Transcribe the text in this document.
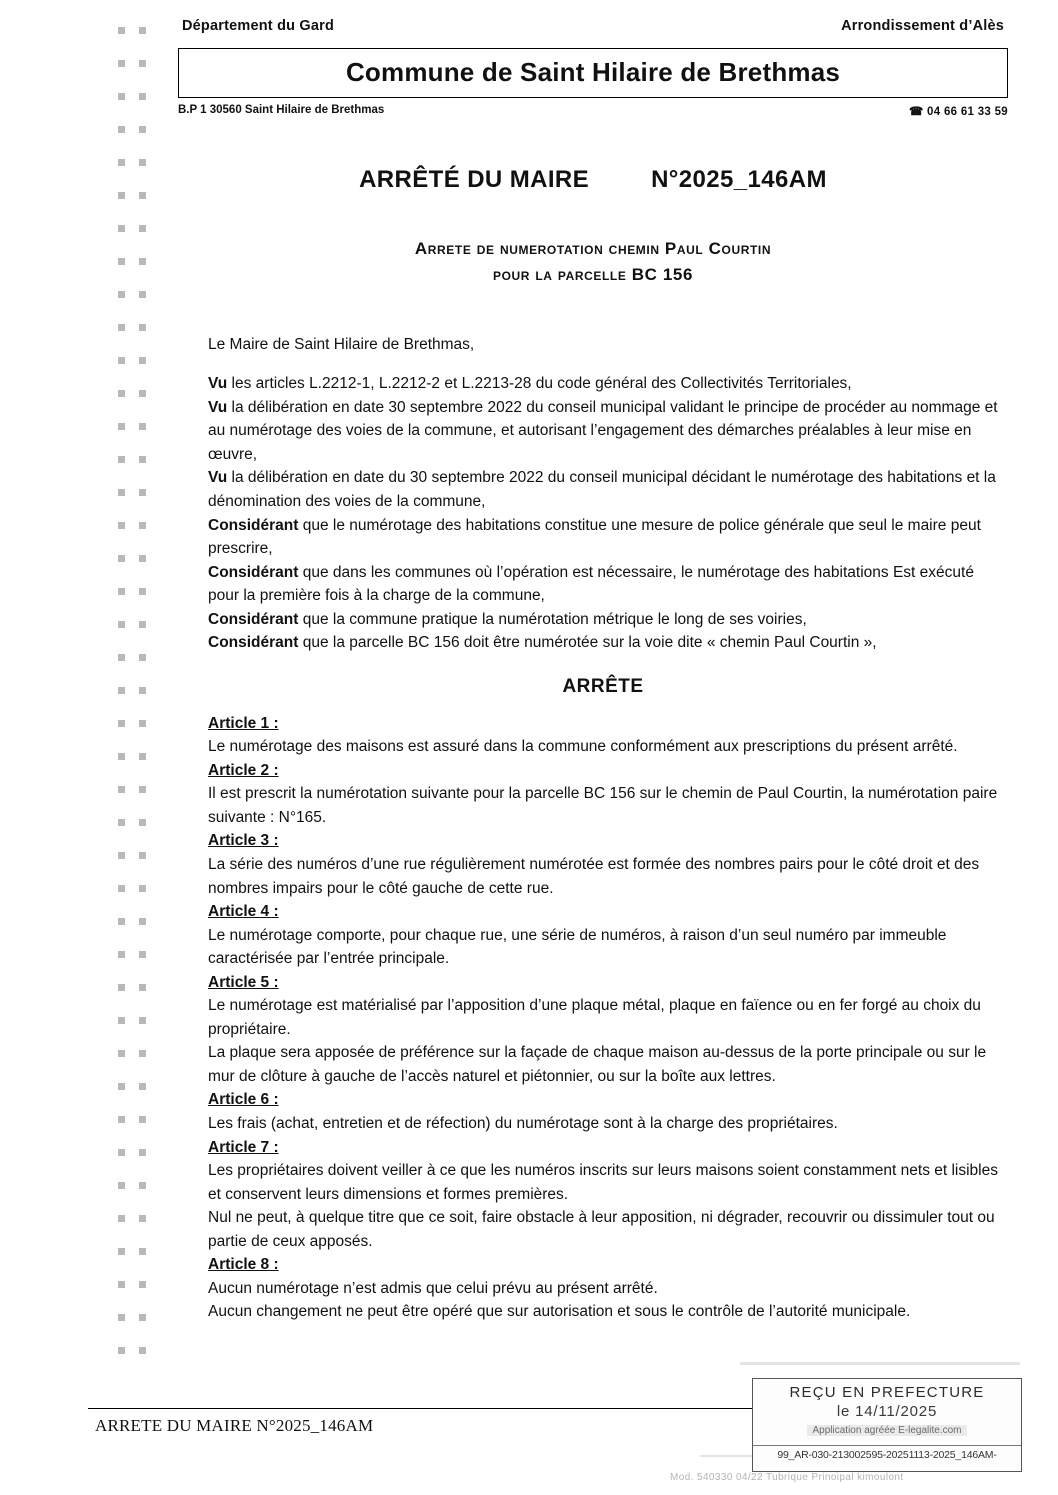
Département du Gard	Arrondissement d’Alès
Commune de Saint Hilaire de Brethmas
B.P 1 30560 Saint Hilaire de Brethmas	☎ 04 66 61 33 59
ARRÊTÉ DU MAIRE	N°2025_146AM
Arrete de numerotation chemin Paul Courtin
pour la parcelle BC 156

Le Maire de Saint Hilaire de Brethmas,

Vu les articles L.2212-1, L.2212-2 et L.2213-28 du code général des Collectivités Territoriales,

Vu la délibération en date 30 septembre 2022 du conseil municipal validant le principe de procéder au nommage et au numérotage des voies de la commune, et autorisant l’engagement des démarches préalables à leur mise en œuvre,

Vu la délibération en date du 30 septembre 2022 du conseil municipal décidant le numérotage des habitations et la dénomination des voies de la commune,

Considérant que le numérotage des habitations constitue une mesure de police générale que seul le maire peut prescrire,

Considérant que dans les communes où l’opération est nécessaire, le numérotage des habitations Est exécuté pour la première fois à la charge de la commune,

Considérant que la commune pratique la numérotation métrique le long de ses voiries,

Considérant que la parcelle BC 156 doit être numérotée sur la voie dite « chemin Paul Courtin »,

ARRÊTE

Article 1 :

Le numérotage des maisons est assuré dans la commune conformément aux prescriptions du présent arrêté.

Article 2 :

Il est prescrit la numérotation suivante pour la parcelle BC 156 sur le chemin de Paul Courtin, la numérotation paire suivante : N°165.

Article 3 :

La série des numéros d’une rue régulièrement numérotée est formée des nombres pairs pour le côté droit et des nombres impairs pour le côté gauche de cette rue.

Article 4 :

Le numérotage comporte, pour chaque rue, une série de numéros, à raison d’un seul numéro par immeuble caractérisée par l’entrée principale.

Article 5 :

Le numérotage est matérialisé par l’apposition d’une plaque métal, plaque en faïence ou en fer forgé au choix du propriétaire.

La plaque sera apposée de préférence sur la façade de chaque maison au-dessus de la porte principale ou sur le mur de clôture à gauche de l’accès naturel et piétonnier, ou sur la boîte aux lettres.

Article 6 :

Les frais (achat, entretien et de réfection) du numérotage sont à la charge des propriétaires.

Article 7 :

Les propriétaires doivent veiller à ce que les numéros inscrits sur leurs maisons soient constamment nets et lisibles et conservent leurs dimensions et formes premières.

Nul ne peut, à quelque titre que ce soit, faire obstacle à leur apposition, ni dégrader, recouvrir ou dissimuler tout ou partie de ceux apposés.

Article 8 :

Aucun numérotage n’est admis que celui prévu au présent arrêté.

Aucun changement ne peut être opéré que sur autorisation et sous le contrôle de l’autorité municipale.

ARRETE DU MAIRE N°2025_146AM
REÇU EN PREFECTURE
le 14/11/2025
Application agréée E-legalite.com
99_AR-030-213002595-20251113-2025_146AM-
Mod. 540330 04/22 Tubrique Prinoipal kimoulont
